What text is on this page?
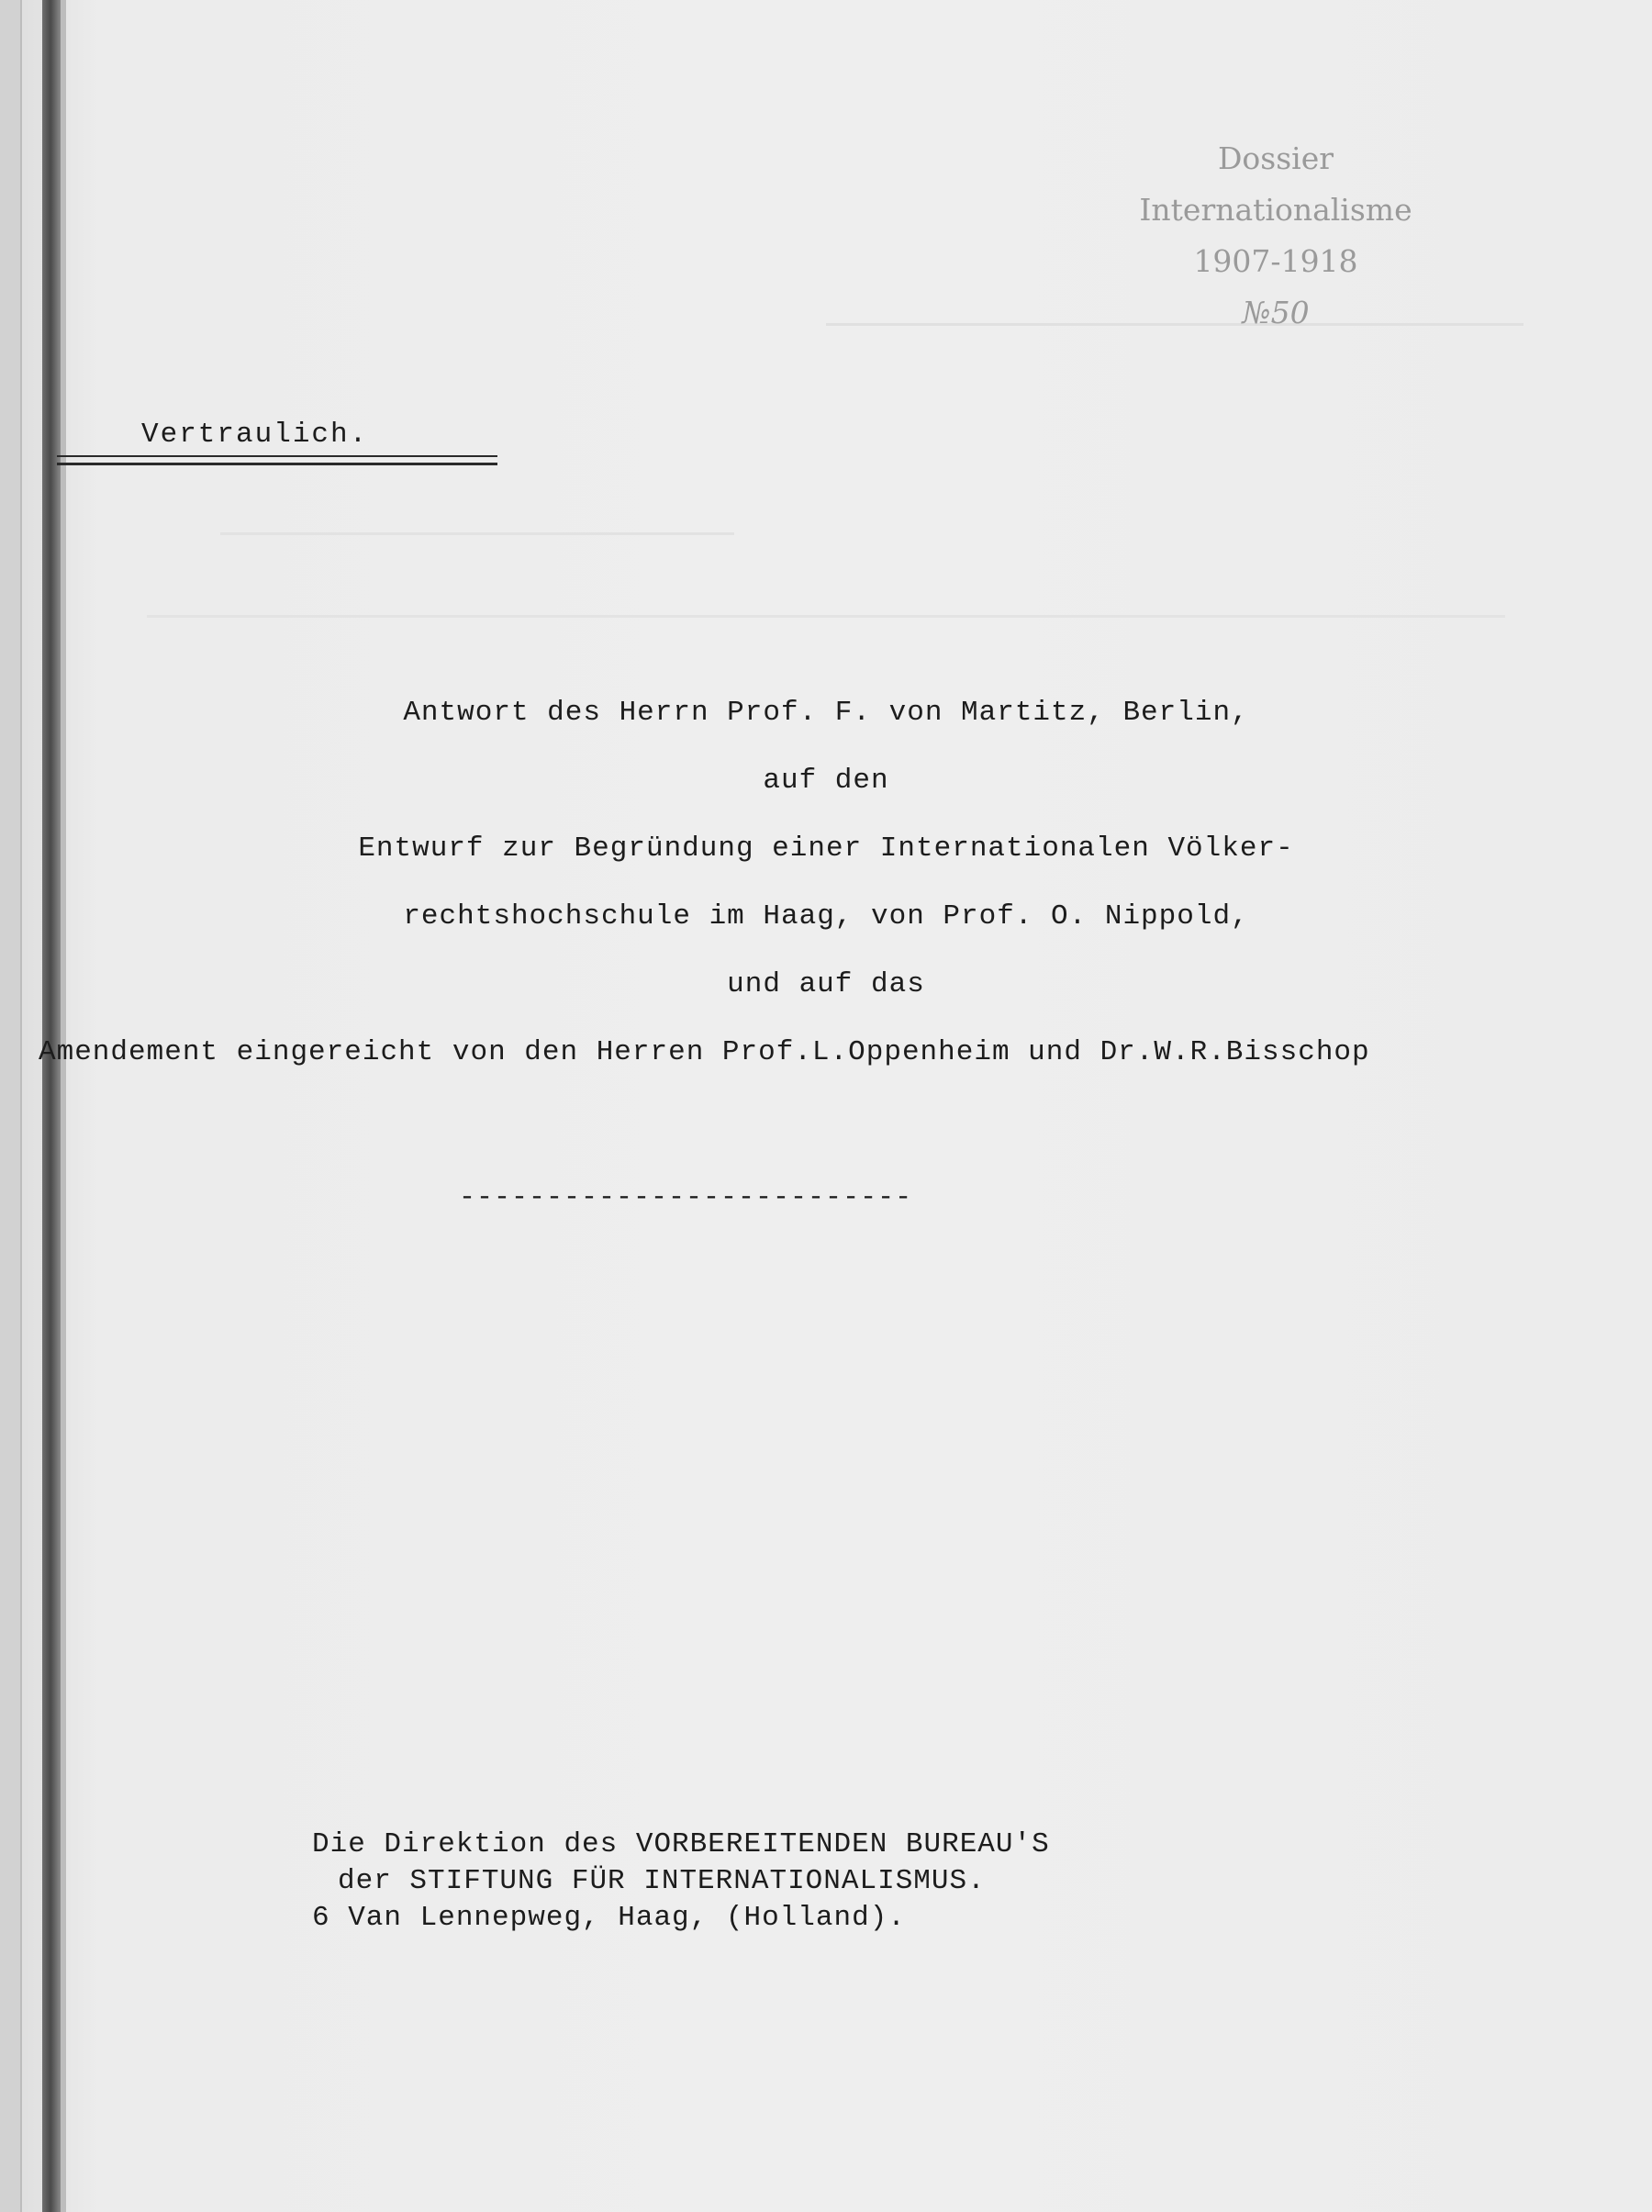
Dossier
Internationalisme
1907-1918
№50
Vertraulich.
Antwort des Herrn Prof. F. von Martitz, Berlin,
auf den
Entwurf zur Begründung einer Internationalen Völker-
rechtshochschule im Haag, von Prof. O. Nippold,
und auf das
Amendement eingereicht von den Herren Prof.L.Oppenheim und Dr.W.R.Bisschop
--------------------------
Die Direktion des VORBEREITENDEN BUREAU'S
der STIFTUNG FÜR INTERNATIONALISMUS.
6 Van Lennepweg, Haag, (Holland).
